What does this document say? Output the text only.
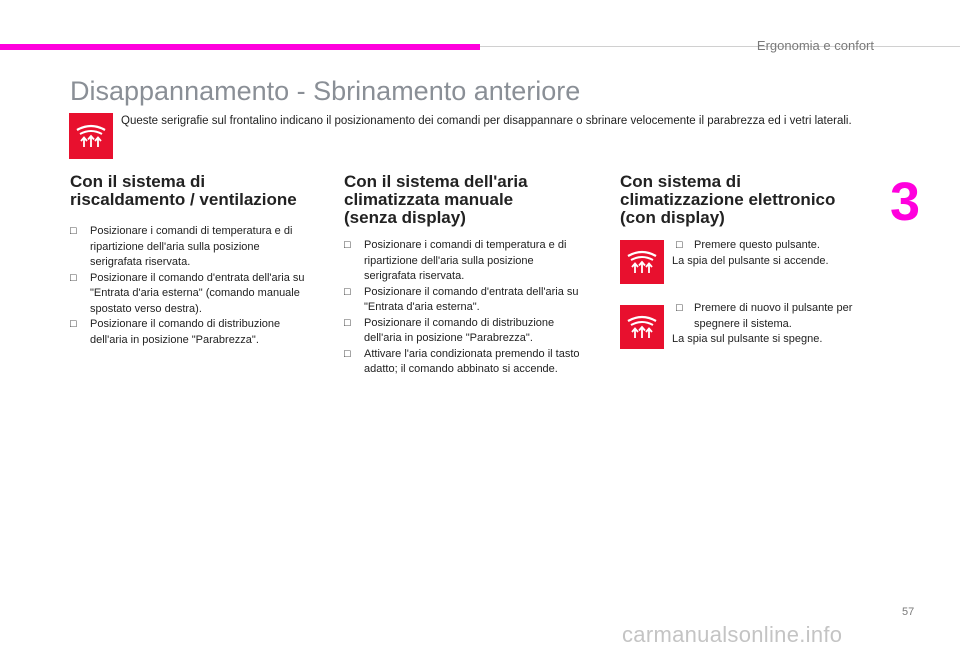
Ergonomia e confort
3
Disappannamento - Sbrinamento anteriore

Queste serigrafie sul frontalino indicano il posizionamento dei comandi per disappannare o sbrinare velocemente il parabrezza ed i vetri laterali.

Con il sistema di
riscaldamento / ventilazione
□	Posizionare i comandi di temperatura e di ripartizione dell'aria sulla posizione serigrafata riservata.
□	Posizionare il comando d'entrata dell'aria su "Entrata d'aria esterna" (comando manuale spostato verso destra).
□	Posizionare il comando di distribuzione dell'aria in posizione "Parabrezza".
Con il sistema dell'aria
climatizzata manuale
(senza display)
□	Posizionare i comandi di temperatura e di ripartizione dell'aria sulla posizione serigrafata riservata.
□	Posizionare il comando d'entrata dell'aria su "Entrata d'aria esterna".
□	Posizionare il comando di distribuzione dell'aria in posizione "Parabrezza".
□	Attivare l'aria condizionata premendo il tasto adatto; il comando abbinato si accende.
Con sistema di
climatizzazione elettronico
(con display)
□ Premere questo pulsante.
La spia del pulsante si accende.
□ Premere di nuovo il pulsante per spegnere il sistema.
La spia sul pulsante si spegne.
57
carmanualsonline.info
